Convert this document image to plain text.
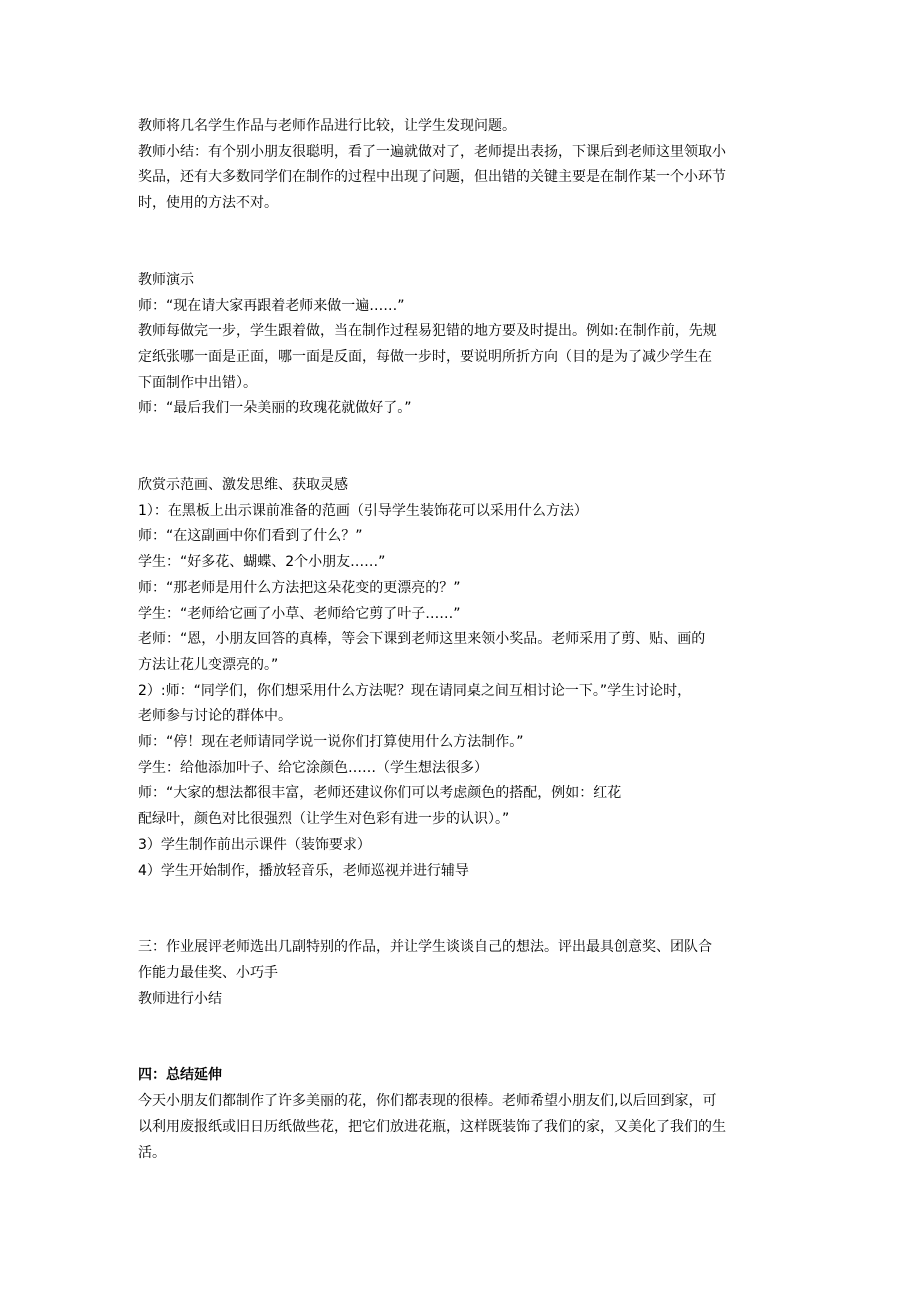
教师将几名学生作品与老师作品进行比较，让学生发现问题。

教师小结：有个别小朋友很聪明，看了一遍就做对了，老师提出表扬，下课后到老师这里领取小

奖品，还有大多数同学们在制作的过程中出现了问题，但出错的关键主要是在制作某一个小环节

时，使用的方法不对。

教师演示

师：“现在请大家再跟着老师来做一遍……”

教师每做完一步，学生跟着做，当在制作过程易犯错的地方要及时提出。例如:在制作前，先规

定纸张哪一面是正面，哪一面是反面，每做一步时，要说明所折方向（目的是为了减少学生在

下面制作中出错）。

师：“最后我们一朵美丽的玫瑰花就做好了。”

欣赏示范画、激发思维、获取灵感

1）：在黑板上出示课前准备的范画（引导学生装饰花可以采用什么方法）

师：“在这副画中你们看到了什么？”

学生：“好多花、蝴蝶、2个小朋友……”

师：“那老师是用什么方法把这朵花变的更漂亮的？”

学生：“老师给它画了小草、老师给它剪了叶子……”

老师：“恩，小朋友回答的真棒，等会下课到老师这里来领小奖品。老师采用了剪、贴、画的

方法让花儿变漂亮的。”

2）:师：“同学们，你们想采用什么方法呢？现在请同桌之间互相讨论一下。”学生讨论时，

老师参与讨论的群体中。

师：“停！现在老师请同学说一说你们打算使用什么方法制作。”

学生：给他添加叶子、给它涂颜色……（学生想法很多）

师：“大家的想法都很丰富，老师还建议你们可以考虑颜色的搭配，例如：红花

配绿叶，颜色对比很强烈（让学生对色彩有进一步的认识）。”

3）学生制作前出示课件（装饰要求）

4）学生开始制作，播放轻音乐，老师巡视并进行辅导

三：作业展评老师选出几副特别的作品，并让学生谈谈自己的想法。评出最具创意奖、团队合

作能力最佳奖、小巧手

教师进行小结

四：总结延伸

今天小朋友们都制作了许多美丽的花，你们都表现的很棒。老师希望小朋友们,以后回到家，可

以利用废报纸或旧日历纸做些花，把它们放进花瓶，这样既装饰了我们的家，又美化了我们的生

活。
